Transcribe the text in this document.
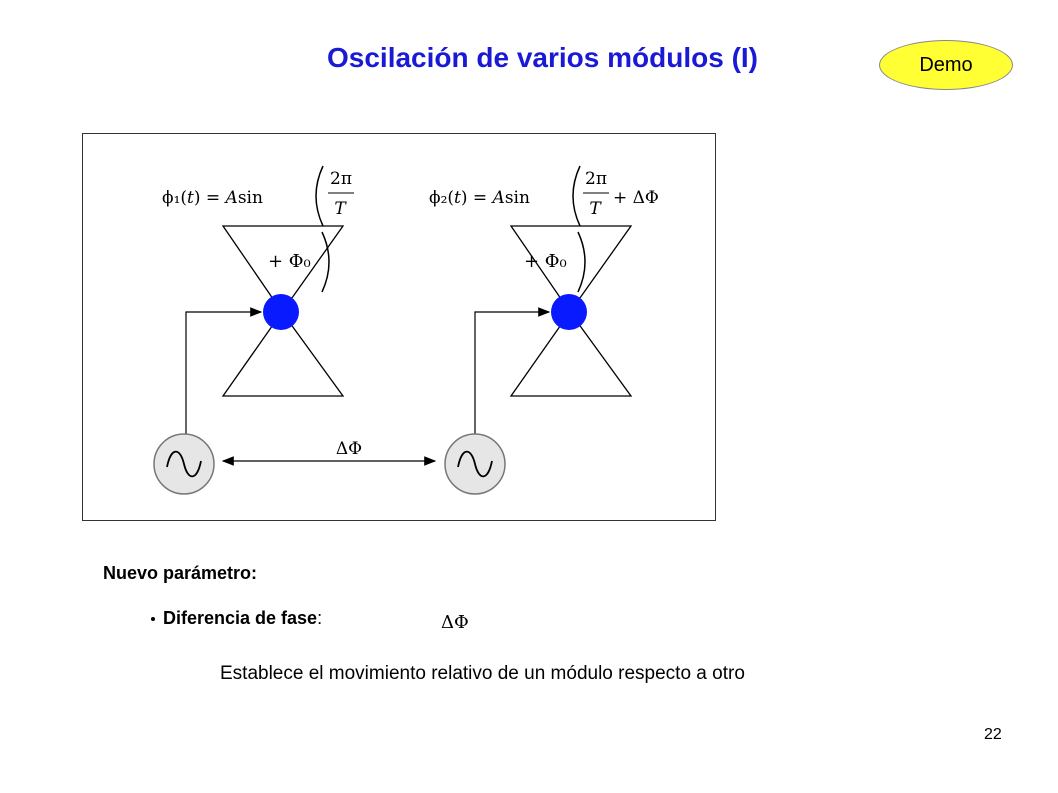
Oscilación de varios módulos (I)	Demo
ΔΦ
ϕ₁(𝑡) = 𝐴sin
2π
𝑇
+ Φ₀
ϕ₂(𝑡) = 𝐴sin
2π
𝑇
+ ΔΦ
+ Φ₀
Nuevo parámetro:
Diferencia de fase:	ΔΦ
Establece el movimiento relativo de un módulo respecto a otro
22
